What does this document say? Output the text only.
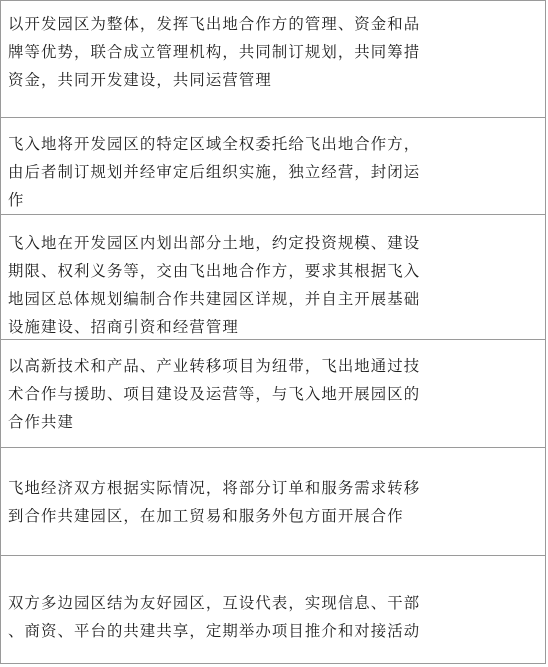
以开发园区为整体，发挥飞出地合作方的管理、资金和品

牌等优势，联合成立管理机构，共同制订规划，共同筹措

资金，共同开发建设，共同运营管理

飞入地将开发园区的特定区域全权委托给飞出地合作方，

由后者制订规划并经审定后组织实施，独立经营，封闭运

作

飞入地在开发园区内划出部分土地，约定投资规模、建设

期限、权利义务等，交由飞出地合作方，要求其根据飞入

地园区总体规划编制合作共建园区详规，并自主开展基础

设施建设、招商引资和经营管理

以高新技术和产品、产业转移项目为纽带，飞出地通过技

术合作与援助、项目建设及运营等，与飞入地开展园区的

合作共建

飞地经济双方根据实际情况，将部分订单和服务需求转移

到合作共建园区，在加工贸易和服务外包方面开展合作

双方多边园区结为友好园区，互设代表，实现信息、干部

、商资、平台的共建共享，定期举办项目推介和对接活动
